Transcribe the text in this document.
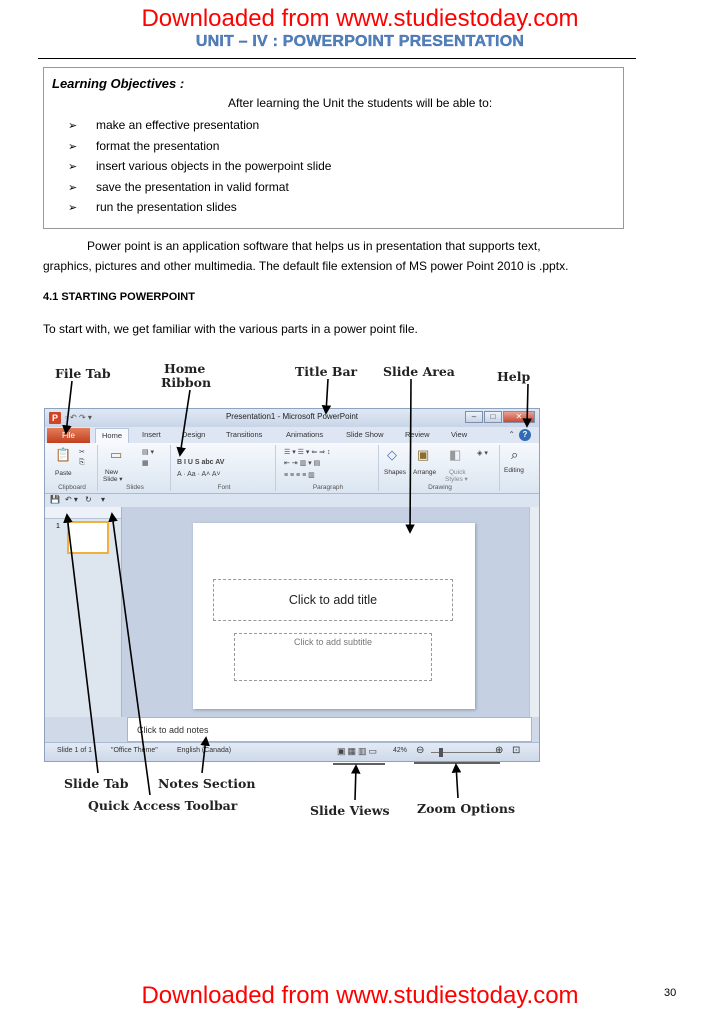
Downloaded from www.studiestoday.com
UNIT – IV : POWERPOINT PRESENTATION
Learning Objectives :
After learning the Unit the students will be able to:
➢ make an effective presentation
➢ format the presentation
➢ insert various objects in the powerpoint slide
➢ save the presentation in valid format
➢ run the presentation slides
Power point is an application software that helps us in presentation that supports text,
graphics, pictures and other multimedia. The default file extension of MS power Point 2010 is .pptx.
4.1 STARTING POWERPOINT
To start with, we get familiar with the various parts in a power point file.
File Tab	Home
Ribbon
Title Bar Slide Area	Help
Slide Tab Notes Section
Quick Access Toolbar	Slide Views Zoom Options
P ▫ ↶ ↷ ▾	Presentation1 - Microsoft PowerPoint	–	□	✕
File	Home	Insert	Design	Transitions	Animations	Slide Show	Review	View	⌃ ?
📋 ✂
⎘
Paste
Clipboard
▭
New
Slide ▾
▤ ▾
▦
Slides
B I U S abc AV
A · Aa · A˄ A˅
Font
☰ ▾ ☰ ▾ ⇐ ⇒ ↕
⇤ ⇥ ▥ ▾ ▤
≡ ≡ ≡ ≡ ▥
Paragraph
◇ ▣ ◧ ◈ ▾
Shapes Arrange Quick
Styles ▾
Drawing
⌕
Editing
💾 ↶ ▾ ↻ ▾
1
Click to add title
Click to add subtitle
Click to add notes
Slide 1 of 1	"Office Theme"	English (Canada)	▣▦▥▭ 42% ⊖	⊕ ⊡
Downloaded from www.studiestoday.com	30
